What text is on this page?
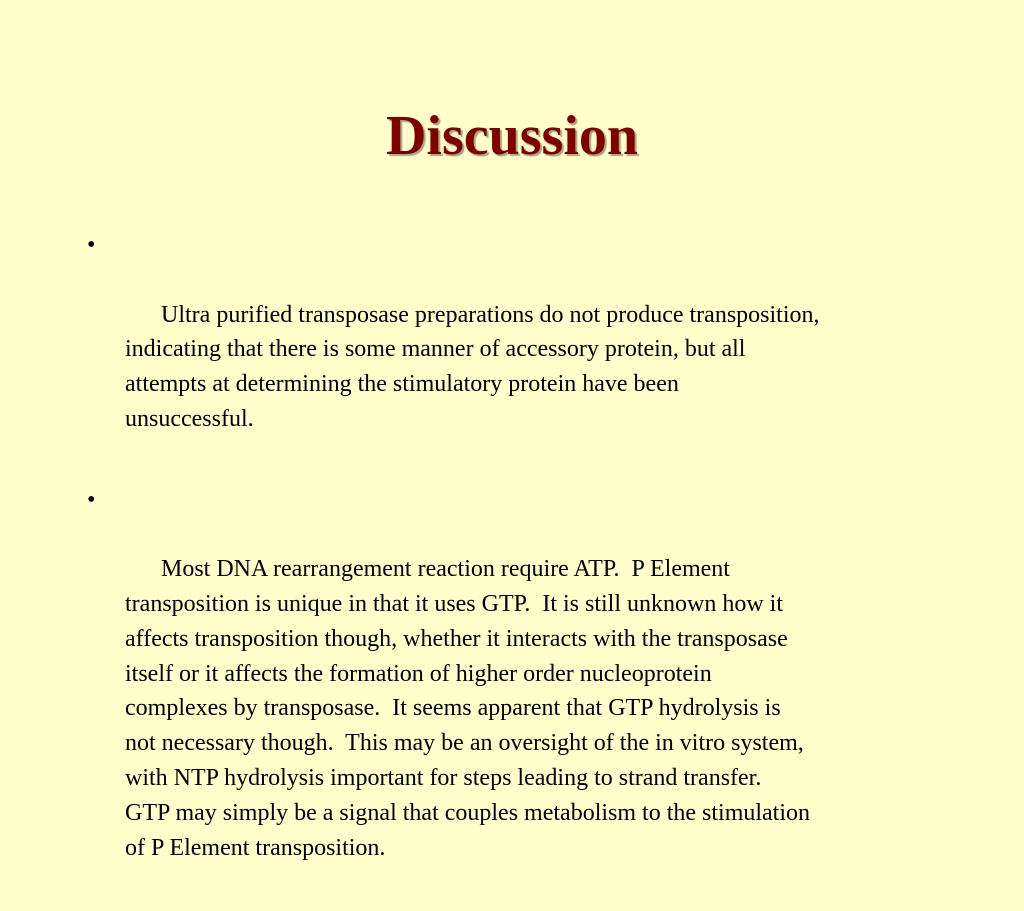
Discussion

•

Ultra purified transposase preparations do not produce transposition,
indicating that there is some manner of accessory protein, but all
attempts at determining the stimulatory protein have been
unsuccessful.

•

Most DNA rearrangement reaction require ATP.  P Element
transposition is unique in that it uses GTP.  It is still unknown how it
affects transposition though, whether it interacts with the transposase
itself or it affects the formation of higher order nucleoprotein
complexes by transposase.  It seems apparent that GTP hydrolysis is
not necessary though.  This may be an oversight of the in vitro system,
with NTP hydrolysis important for steps leading to strand transfer.
GTP may simply be a signal that couples metabolism to the stimulation
of P Element transposition.
